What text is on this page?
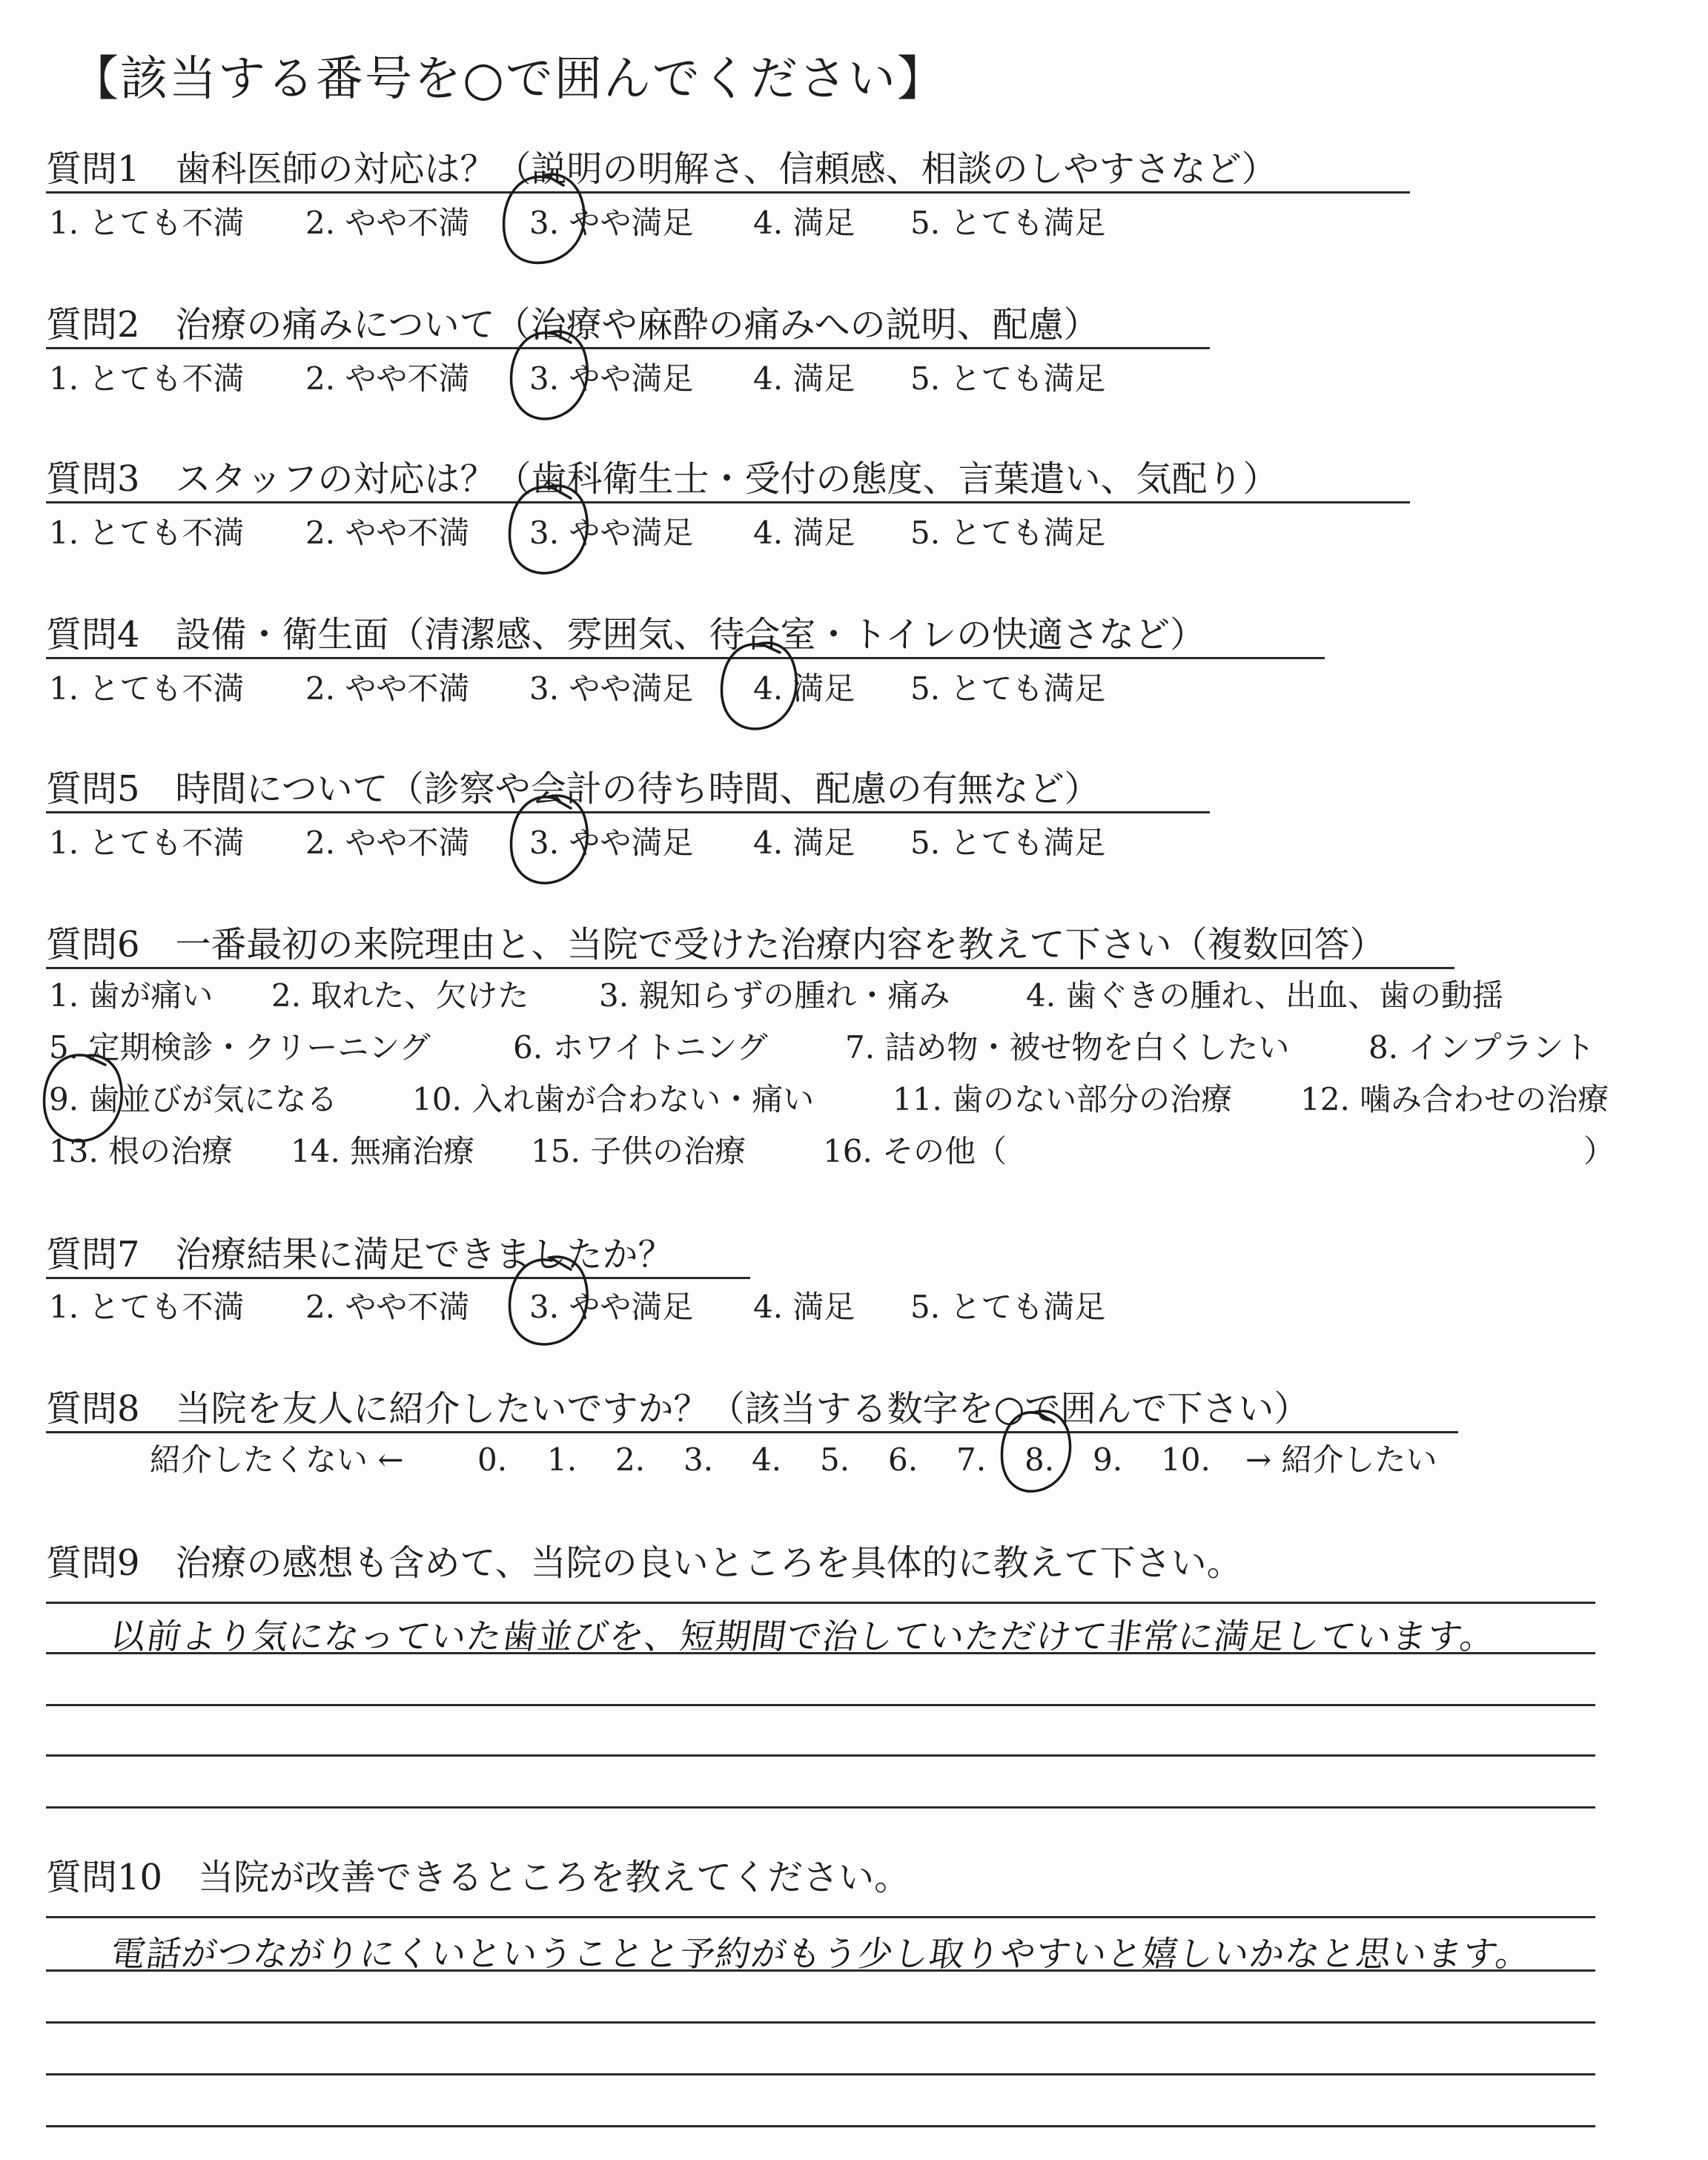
【該当する番号を○で囲んでください】
質問1　歯科医師の対応は？（説明の明解さ、信頼感、相談のしやすさなど）
1. とても不満 2. やや不満 3. やや満足 4. 満足 5. とても満足
質問2　治療の痛みについて（治療や麻酔の痛みへの説明、配慮）
1. とても不満 2. やや不満 3. やや満足 4. 満足 5. とても満足
質問3　スタッフの対応は？（歯科衛生士・受付の態度、言葉遣い、気配り）
1. とても不満 2. やや不満 3. やや満足 4. 満足 5. とても満足
質問4　設備・衛生面（清潔感、雰囲気、待合室・トイレの快適さなど）
1. とても不満 2. やや不満 3. やや満足 4. 満足 5. とても満足
質問5　時間について（診察や会計の待ち時間、配慮の有無など）
1. とても不満 2. やや不満 3. やや満足 4. 満足 5. とても満足
質問6　一番最初の来院理由と、当院で受けた治療内容を教えて下さい（複数回答）
1. 歯が痛い 2. 取れた、欠けた 3. 親知らずの腫れ・痛み 4. 歯ぐきの腫れ、出血、歯の動揺
5. 定期検診・クリーニング	6. ホワイトニング 7. 詰め物・被せ物を白くしたい	8. インプラント
9. 歯並びが気になる 10. 入れ歯が合わない・痛い	11. 歯のない部分の治療 12. 噛み合わせの治療
13. 根の治療 14. 無痛治療 15. 子供の治療 16. その他（	）
質問7　治療結果に満足できましたか？
1. とても不満 2. やや不満 3. やや満足 4. 満足 5. とても満足
質問8　当院を友人に紹介したいですか？（該当する数字を○で囲んで下さい）
紹介したくない ← 0. 1. 2. 3. 4. 5. 6. 7. 8. 9. 10. → 紹介したい
質問9　治療の感想も含めて、当院の良いところを具体的に教えて下さい。
以前より気になっていた歯並びを、短期間で治していただけて非常に満足しています。
質問10　当院が改善できるところを教えてください。
電話がつながりにくいということと予約がもう少し取りやすいと嬉しいかなと思います。
